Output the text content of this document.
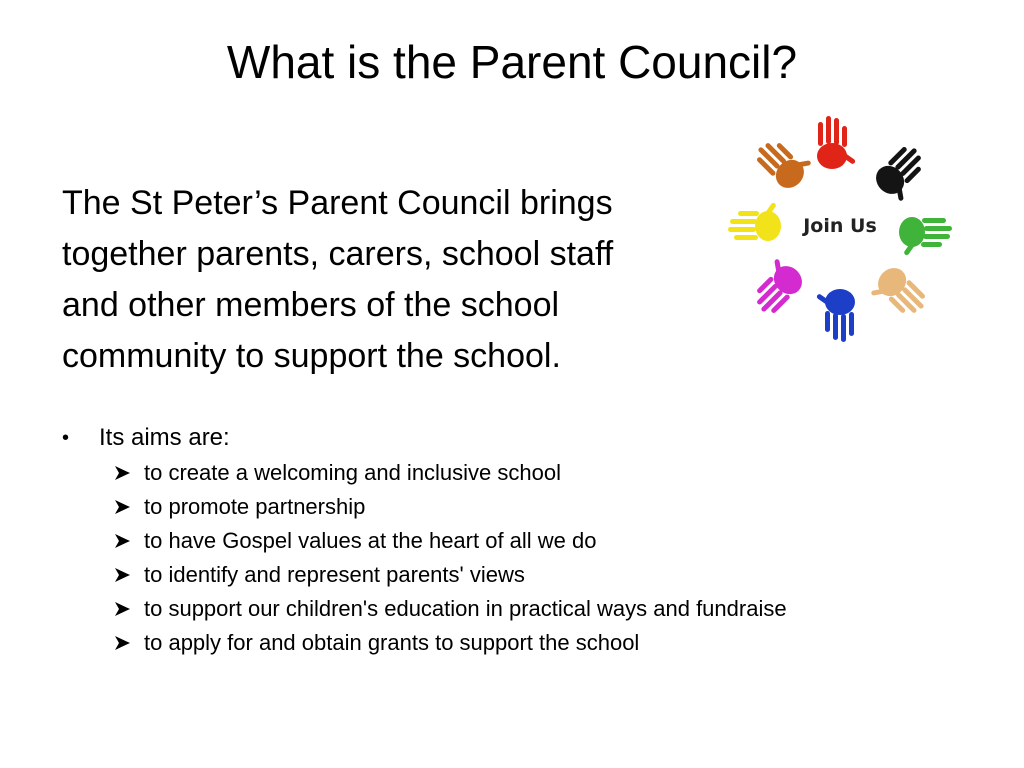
What is the Parent Council?
The St Peter’s Parent Council brings
together parents, carers, school staff
and other members of the school
community to support the school.
Join Us
•	Its aims are:
to create a welcoming and inclusive school
to promote partnership
to have Gospel values at the heart of all we do
to identify and represent parents' views
to support our children's education in practical ways and fundraise
to apply for and obtain grants to support the school
